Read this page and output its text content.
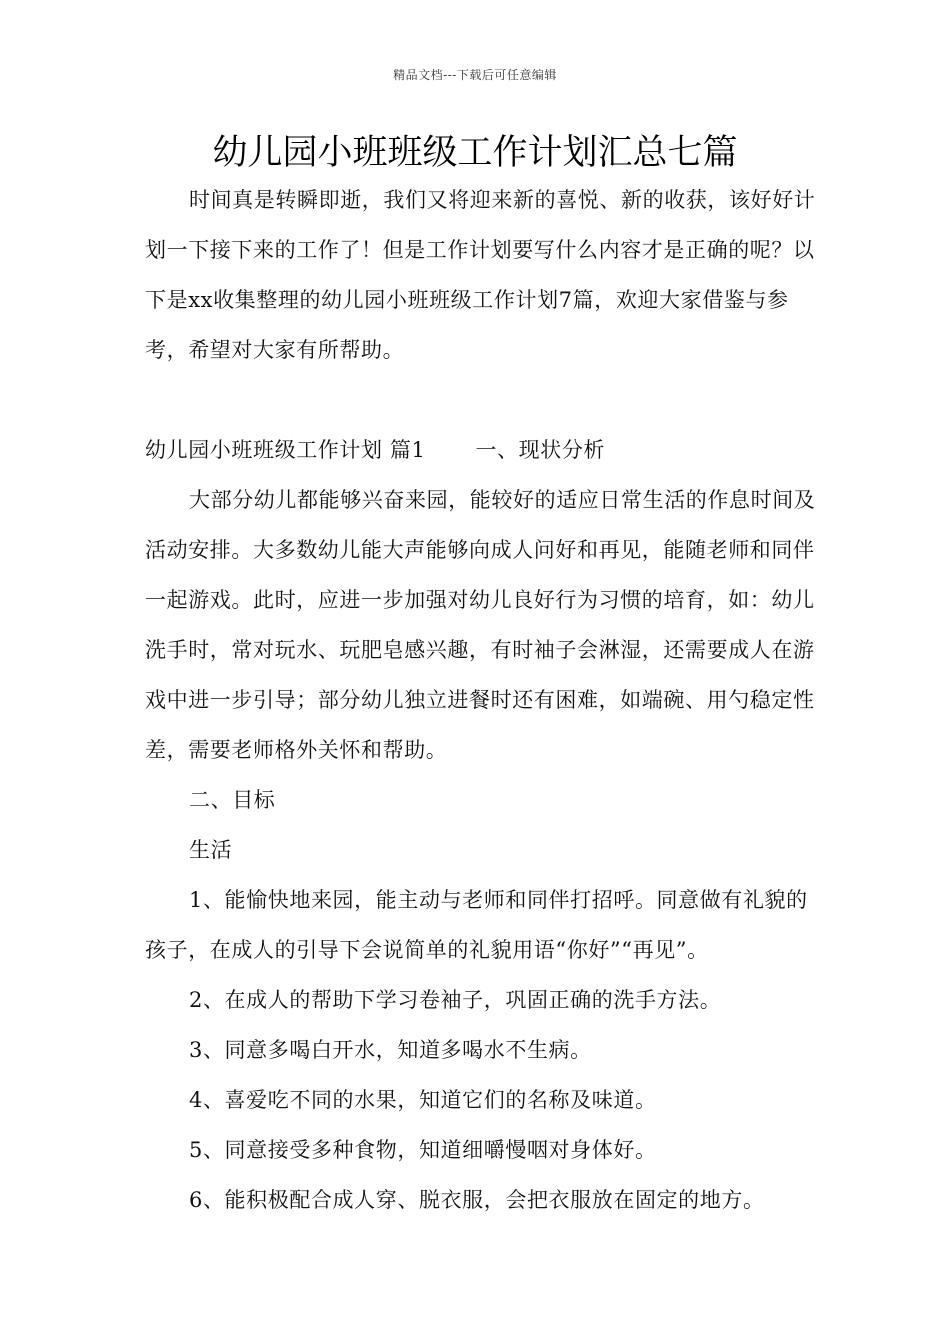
精品文档---下载后可任意编辑
幼儿园小班班级工作计划汇总七篇

时间真是转瞬即逝，我们又将迎来新的喜悦、新的收获，该好好计划一下接下来的工作了！但是工作计划要写什么内容才是正确的呢？以下是xx收集整理的幼儿园小班班级工作计划7篇，欢迎大家借鉴与参考，希望对大家有所帮助。

幼儿园小班班级工作计划 篇1 一、现状分析

大部分幼儿都能够兴奋来园，能较好的适应日常生活的作息时间及活动安排。大多数幼儿能大声能够向成人问好和再见，能随老师和同伴一起游戏。此时，应进一步加强对幼儿良好行为习惯的培育，如：幼儿洗手时，常对玩水、玩肥皂感兴趣，有时袖子会淋湿，还需要成人在游戏中进一步引导；部分幼儿独立进餐时还有困难，如端碗、用勺稳定性差，需要老师格外关怀和帮助。

二、目标

生活

1、能愉快地来园，能主动与老师和同伴打招呼。同意做有礼貌的孩子，在成人的引导下会说简单的礼貌用语“你好”“再见”。

2、在成人的帮助下学习卷袖子，巩固正确的洗手方法。

3、同意多喝白开水，知道多喝水不生病。

4、喜爱吃不同的水果，知道它们的名称及味道。

5、同意接受多种食物，知道细嚼慢咽对身体好。

6、能积极配合成人穿、脱衣服，会把衣服放在固定的地方。
